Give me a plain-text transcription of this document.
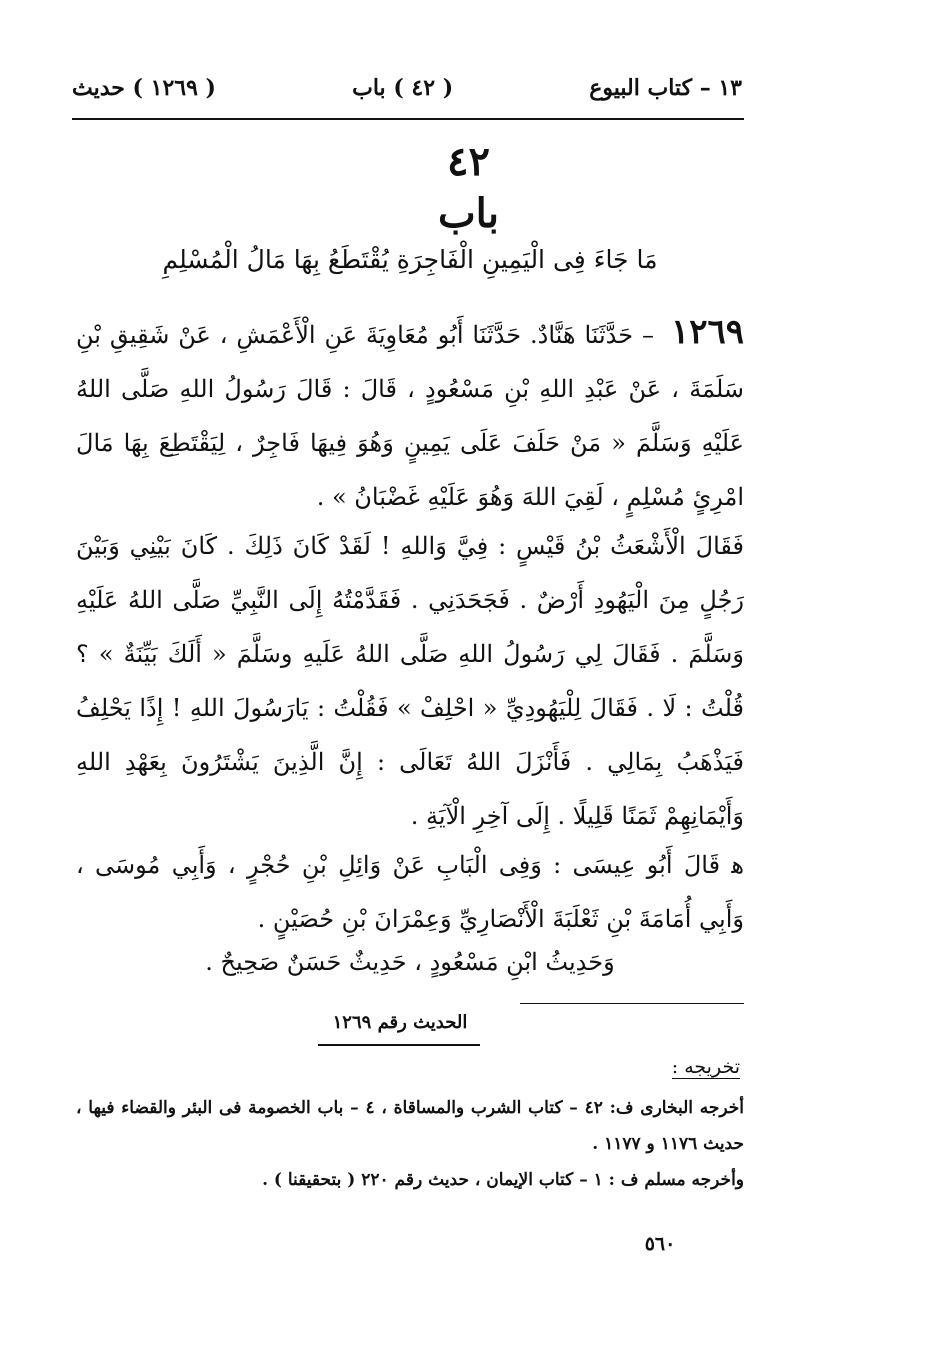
١٣ – كتاب البيوع
( ٤٢ ) باب
( ١٢٦٩ ) حديث
٤٢
باب
مَا جَاءَ فِى الْيَمِينِ الْفَاجِرَةِ يُقْتَطَعُ بِهَا مَالُ الْمُسْلِمِ
١٢٦٩ – حَدَّثَنَا هَنَّادٌ. حَدَّثَنَا أَبُو مُعَاوِيَةَ عَنِ الْأَعْمَشِ ، عَنْ شَقِيقِ بْنِ سَلَمَةَ ، عَنْ عَبْدِ اللهِ بْنِ مَسْعُودٍ ، قَالَ : قَالَ رَسُولُ اللهِ صَلَّى اللهُ عَلَيْهِ وَسَلَّمَ « مَنْ حَلَفَ عَلَى يَمِينٍ وَهُوَ فِيهَا فَاجِرٌ ، لِيَقْتَطِعَ بِهَا مَالَ امْرِئٍ مُسْلِمٍ ، لَقِيَ اللهَ وَهُوَ عَلَيْهِ غَضْبَانُ » .
فَقَالَ الْأَشْعَثُ بْنُ قَيْسٍ : فِيَّ وَاللهِ ! لَقَدْ كَانَ ذَلِكَ . كَانَ بَيْنِي وَبَيْنَ رَجُلٍ مِنَ الْيَهُودِ أَرْضٌ . فَجَحَدَنِي . فَقَدَّمْتُهُ إِلَى النَّبِيِّ صَلَّى اللهُ عَلَيْهِ وَسَلَّمَ . فَقَالَ لِي رَسُولُ اللهِ صَلَّى اللهُ عَلَيهِ وسَلَّمَ « أَلَكَ بَيِّنَةٌ » ؟ قُلْتُ : لَا . فَقَالَ لِلْيَهُودِيِّ « احْلِفْ » فَقُلْتُ : يَارَسُولَ اللهِ ! إِذًا يَحْلِفُ فَيَذْهَبُ بِمَالِي . فَأَنْزَلَ اللهُ تَعَالَى : إِنَّ الَّذِينَ يَشْتَرُونَ بِعَهْدِ اللهِ وَأَيْمَانِهِمْ ثَمَنًا قَلِيلًا . إِلَى آخِرِ الْآيَةِ .
ﻫ قَالَ أَبُو عِيسَى : وَفِى الْبَابِ عَنْ وَائِلِ بْنِ حُجْرٍ ، وَأَبِي مُوسَى ، وَأَبِي أُمَامَةَ بْنِ ثَعْلَبَةَ الْأَنْصَارِيِّ وَعِمْرَانَ بْنِ حُصَيْنٍ .
وَحَدِيثُ ابْنِ مَسْعُودٍ ، حَدِيثٌ حَسَنٌ صَحِيحٌ .
الحديث رقم ١٢٦٩
تخريجه :
أخرجه البخارى ف: ٤٢ – كتاب الشرب والمساقاة ، ٤ – باب الخصومة فى البئر والقضاء فيها ، حديث ١١٧٦ و ١١٧٧ .
وأخرجه مسلم ف : ١ – كتاب الإيمان ، حديث رقم ٢٢٠ ( بتحقيقنا ) .
٥٦٠
